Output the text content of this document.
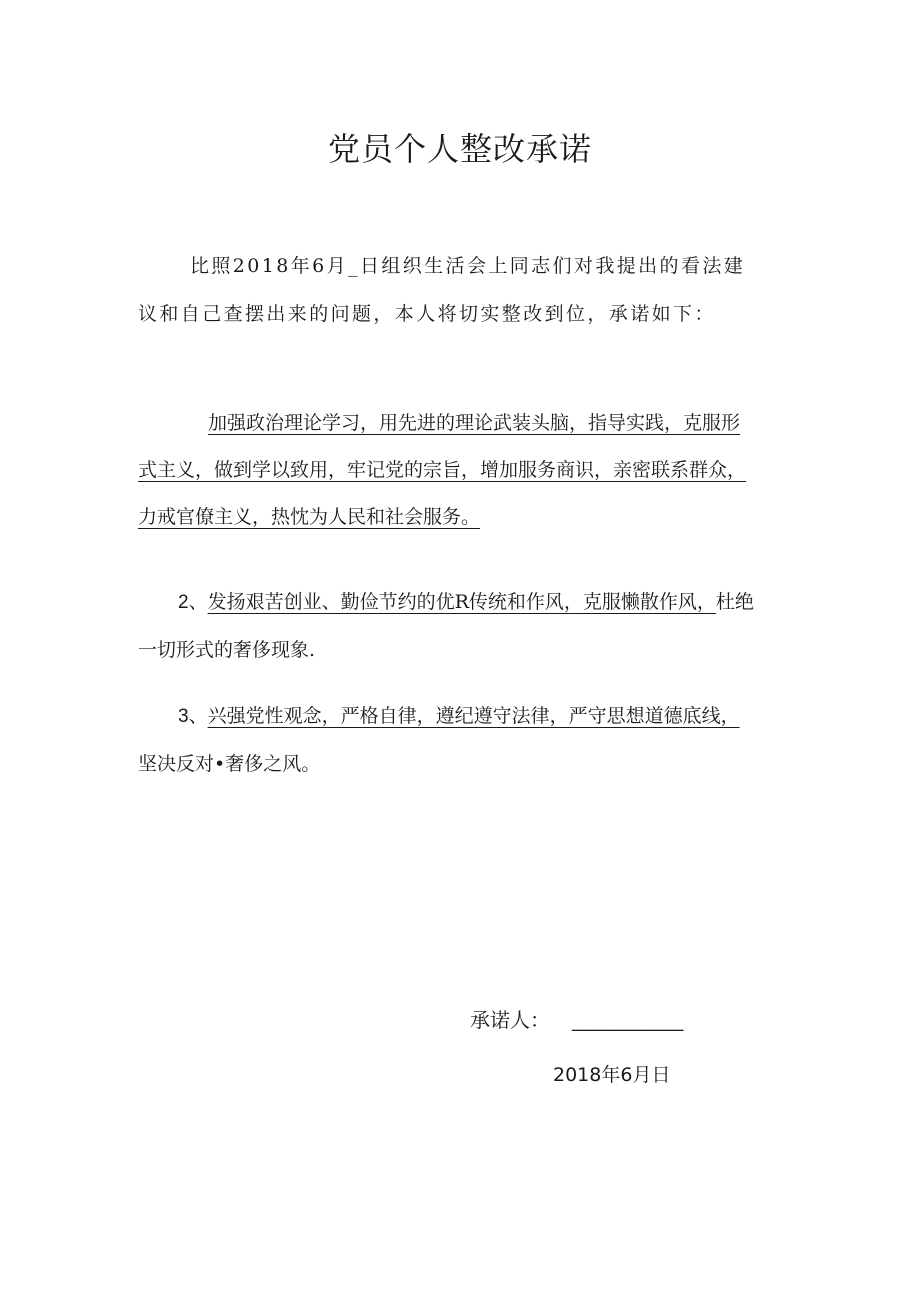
党员个人整改承诺
比照2018年6月_日组织生活会上同志们对我提出的看法建
议和自己查摆出来的问题，本人将切实整改到位，承诺如下：
加强政治理论学习，用先进的理论武装头脑，指导实践，克服形
式主义，做到学以致用，牢记党的宗旨，增加服务商识，亲密联系群众，
力戒官僚主义，热忱为人民和社会服务。
2、发扬艰苦创业、勤俭节约的优R传统和作风，克服懒散作风，杜绝
一切形式的奢侈现象.
3、兴强党性观念，严格自律，遵纪遵守法律，严守思想道德底线，
坚决反对•奢侈之风。

承诺人： __________

2018年6月日
